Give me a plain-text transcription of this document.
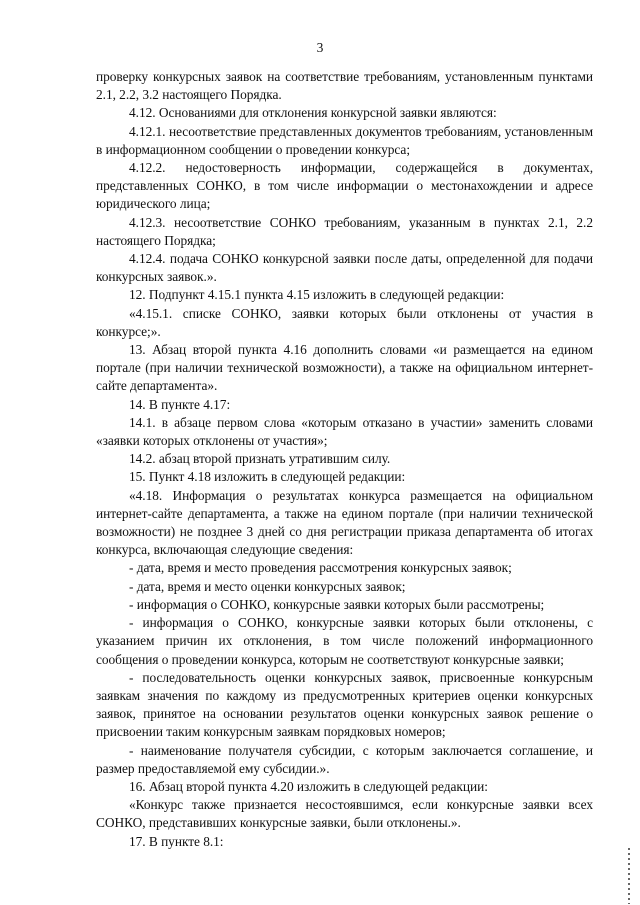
3

проверку конкурсных заявок на соответствие требованиям, установленным пунктами 2.1, 2.2, 3.2 настоящего Порядка.

4.12. Основаниями для отклонения конкурсной заявки являются:

4.12.1. несоответствие представленных документов требованиям, установленным в информационном сообщении о проведении конкурса;

4.12.2. недостоверность информации, содержащейся в документах, представленных СОНКО, в том числе информации о местонахождении и адресе юридического лица;

4.12.3. несоответствие СОНКО требованиям, указанным в пунктах 2.1, 2.2 настоящего Порядка;

4.12.4. подача СОНКО конкурсной заявки после даты, определенной для подачи конкурсных заявок.».

12. Подпункт 4.15.1 пункта 4.15 изложить в следующей редакции:

«4.15.1. списке СОНКО, заявки которых были отклонены от участия в конкурсе;».

13. Абзац второй пункта 4.16 дополнить словами «и размещается на едином портале (при наличии технической возможности), а также на официальном интернет-сайте департамента».

14. В пункте 4.17:

14.1. в абзаце первом слова «которым отказано в участии» заменить словами «заявки которых отклонены от участия»;

14.2. абзац второй признать утратившим силу.

15. Пункт 4.18 изложить в следующей редакции:

«4.18. Информация о результатах конкурса размещается на официальном интернет-сайте департамента, а также на едином портале (при наличии технической возможности) не позднее 3 дней со дня регистрации приказа департамента об итогах конкурса, включающая следующие сведения:

- дата, время и место проведения рассмотрения конкурсных заявок;

- дата, время и место оценки конкурсных заявок;

- информация о СОНКО, конкурсные заявки которых были рассмотрены;

- информация о СОНКО, конкурсные заявки которых были отклонены, с указанием причин их отклонения, в том числе положений информационного сообщения о проведении конкурса, которым не соответствуют конкурсные заявки;

- последовательность оценки конкурсных заявок, присвоенные конкурсным заявкам значения по каждому из предусмотренных критериев оценки конкурсных заявок, принятое на основании результатов оценки конкурсных заявок решение о присвоении таким конкурсным заявкам порядковых номеров;

- наименование получателя субсидии, с которым заключается соглашение, и размер предоставляемой ему субсидии.».

16. Абзац второй пункта 4.20 изложить в следующей редакции:

«Конкурс также признается несостоявшимся, если конкурсные заявки всех СОНКО, представивших конкурсные заявки, были отклонены.».

17. В пункте 8.1:
